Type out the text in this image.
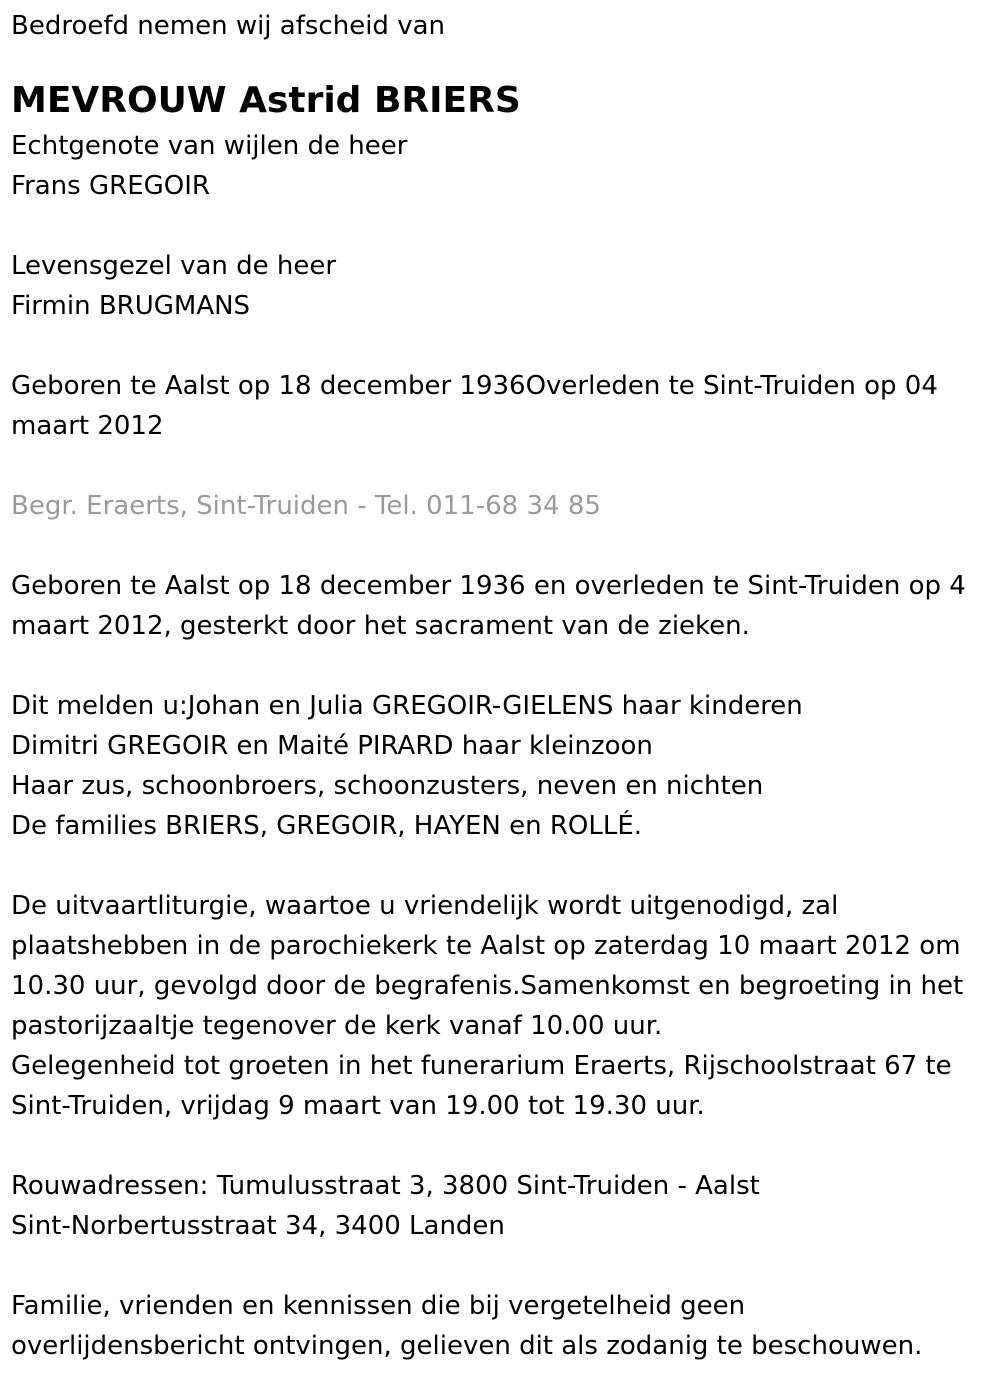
Bedroefd nemen wij afscheid van
MEVROUW Astrid BRIERS
Echtgenote van wijlen de heer
Frans GREGOIR
Levensgezel van de heer
Firmin BRUGMANS
Geboren te Aalst op 18 december 1936Overleden te Sint-Truiden op 04
maart 2012
Begr. Eraerts, Sint-Truiden - Tel. 011-68 34 85
Geboren te Aalst op 18 december 1936 en overleden te Sint-Truiden op 4
maart 2012, gesterkt door het sacrament van de zieken.
Dit melden u:Johan en Julia GREGOIR-GIELENS haar kinderen
Dimitri GREGOIR en Maité PIRARD haar kleinzoon
Haar zus, schoonbroers, schoonzusters, neven en nichten
De families BRIERS, GREGOIR, HAYEN en ROLLÉ.
De uitvaartliturgie, waartoe u vriendelijk wordt uitgenodigd, zal
plaatshebben in de parochiekerk te Aalst op zaterdag 10 maart 2012 om
10.30 uur, gevolgd door de begrafenis.Samenkomst en begroeting in het
pastorijzaaltje tegenover de kerk vanaf 10.00 uur.
Gelegenheid tot groeten in het funerarium Eraerts, Rijschoolstraat 67 te
Sint-Truiden, vrijdag 9 maart van 19.00 tot 19.30 uur.
Rouwadressen: Tumulusstraat 3, 3800 Sint-Truiden - Aalst
Sint-Norbertusstraat 34, 3400 Landen
Familie, vrienden en kennissen die bij vergetelheid geen
overlijdensbericht ontvingen, gelieven dit als zodanig te beschouwen.
